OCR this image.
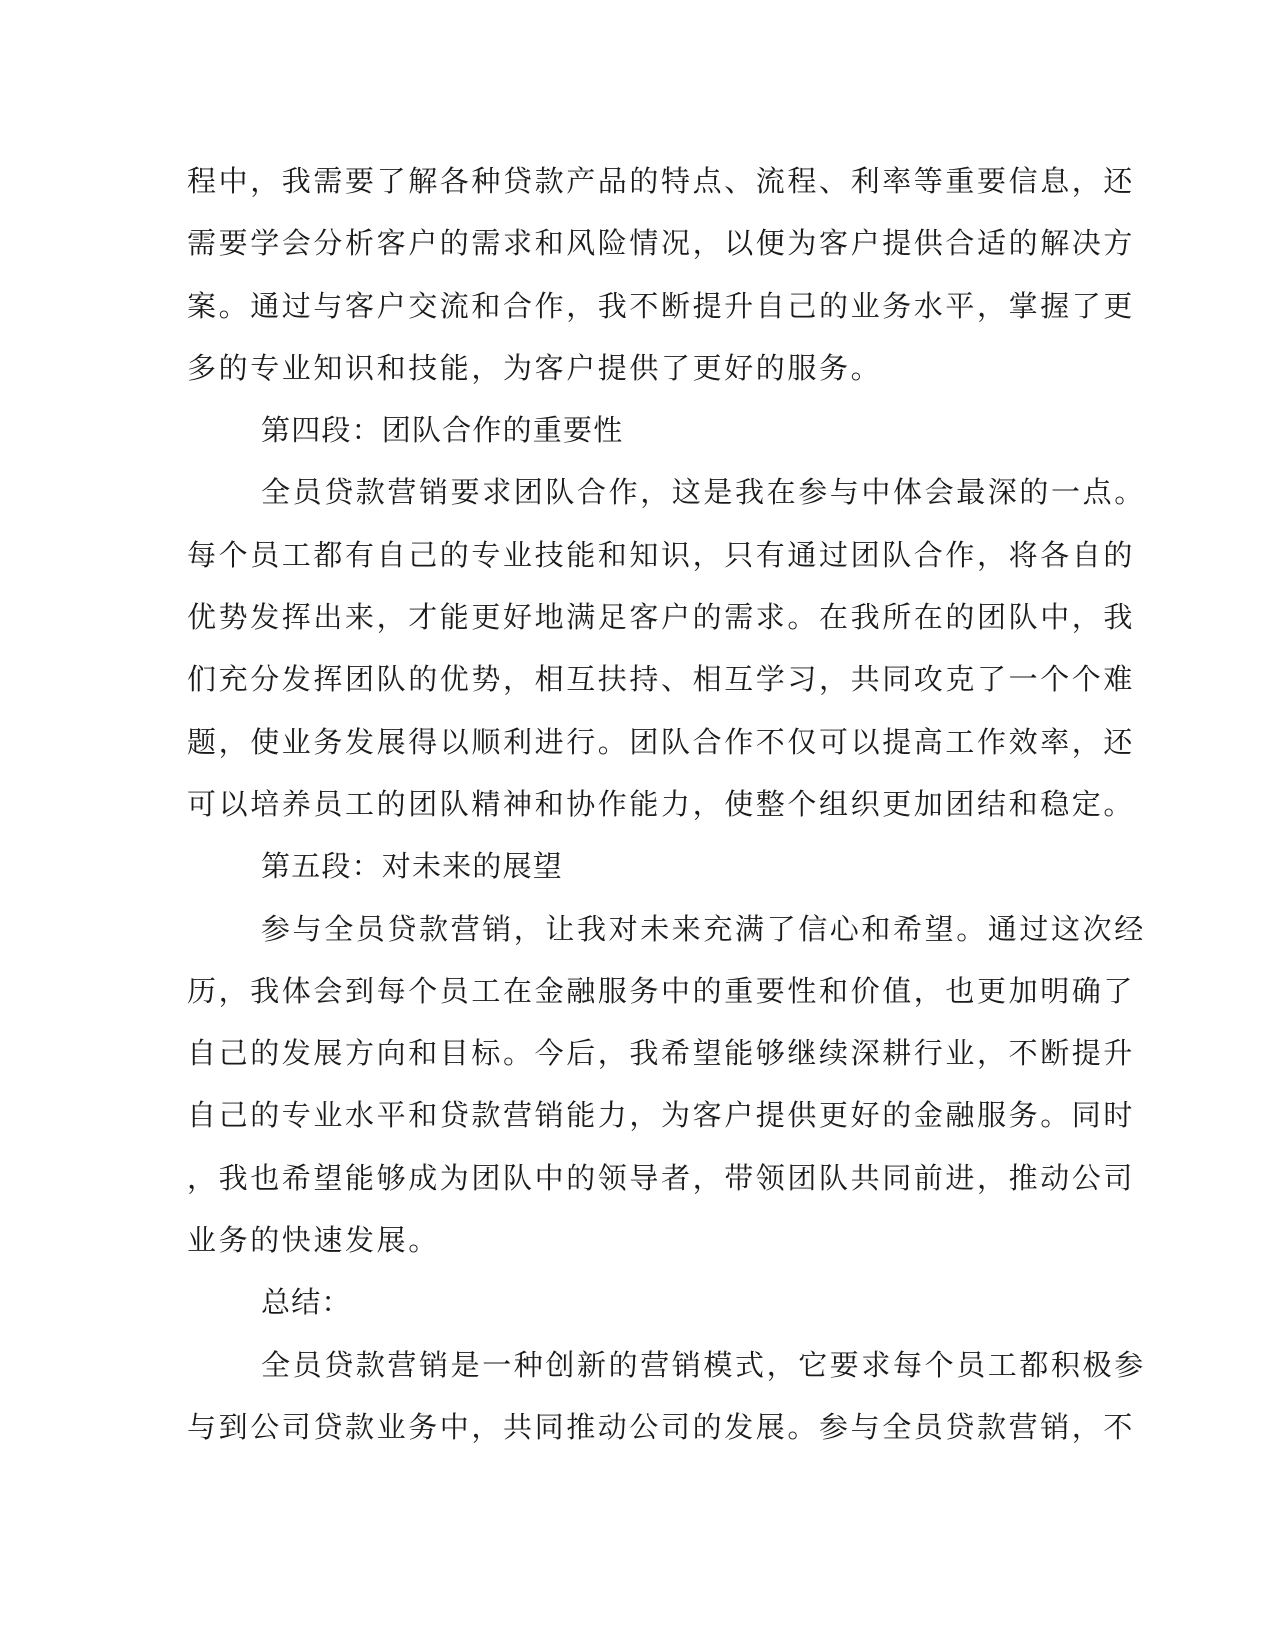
程中，我需要了解各种贷款产品的特点、流程、利率等重要信息，还
需要学会分析客户的需求和风险情况，以便为客户提供合适的解决方
案。通过与客户交流和合作，我不断提升自己的业务水平，掌握了更
多的专业知识和技能，为客户提供了更好的服务。
第四段：团队合作的重要性
全员贷款营销要求团队合作，这是我在参与中体会最深的一点。
每个员工都有自己的专业技能和知识，只有通过团队合作，将各自的
优势发挥出来，才能更好地满足客户的需求。在我所在的团队中，我
们充分发挥团队的优势，相互扶持、相互学习，共同攻克了一个个难
题，使业务发展得以顺利进行。团队合作不仅可以提高工作效率，还
可以培养员工的团队精神和协作能力，使整个组织更加团结和稳定。
第五段：对未来的展望
参与全员贷款营销，让我对未来充满了信心和希望。通过这次经
历，我体会到每个员工在金融服务中的重要性和价值，也更加明确了
自己的发展方向和目标。今后，我希望能够继续深耕行业，不断提升
自己的专业水平和贷款营销能力，为客户提供更好的金融服务。同时
，我也希望能够成为团队中的领导者，带领团队共同前进，推动公司
业务的快速发展。
总结：
全员贷款营销是一种创新的营销模式，它要求每个员工都积极参
与到公司贷款业务中，共同推动公司的发展。参与全员贷款营销，不
